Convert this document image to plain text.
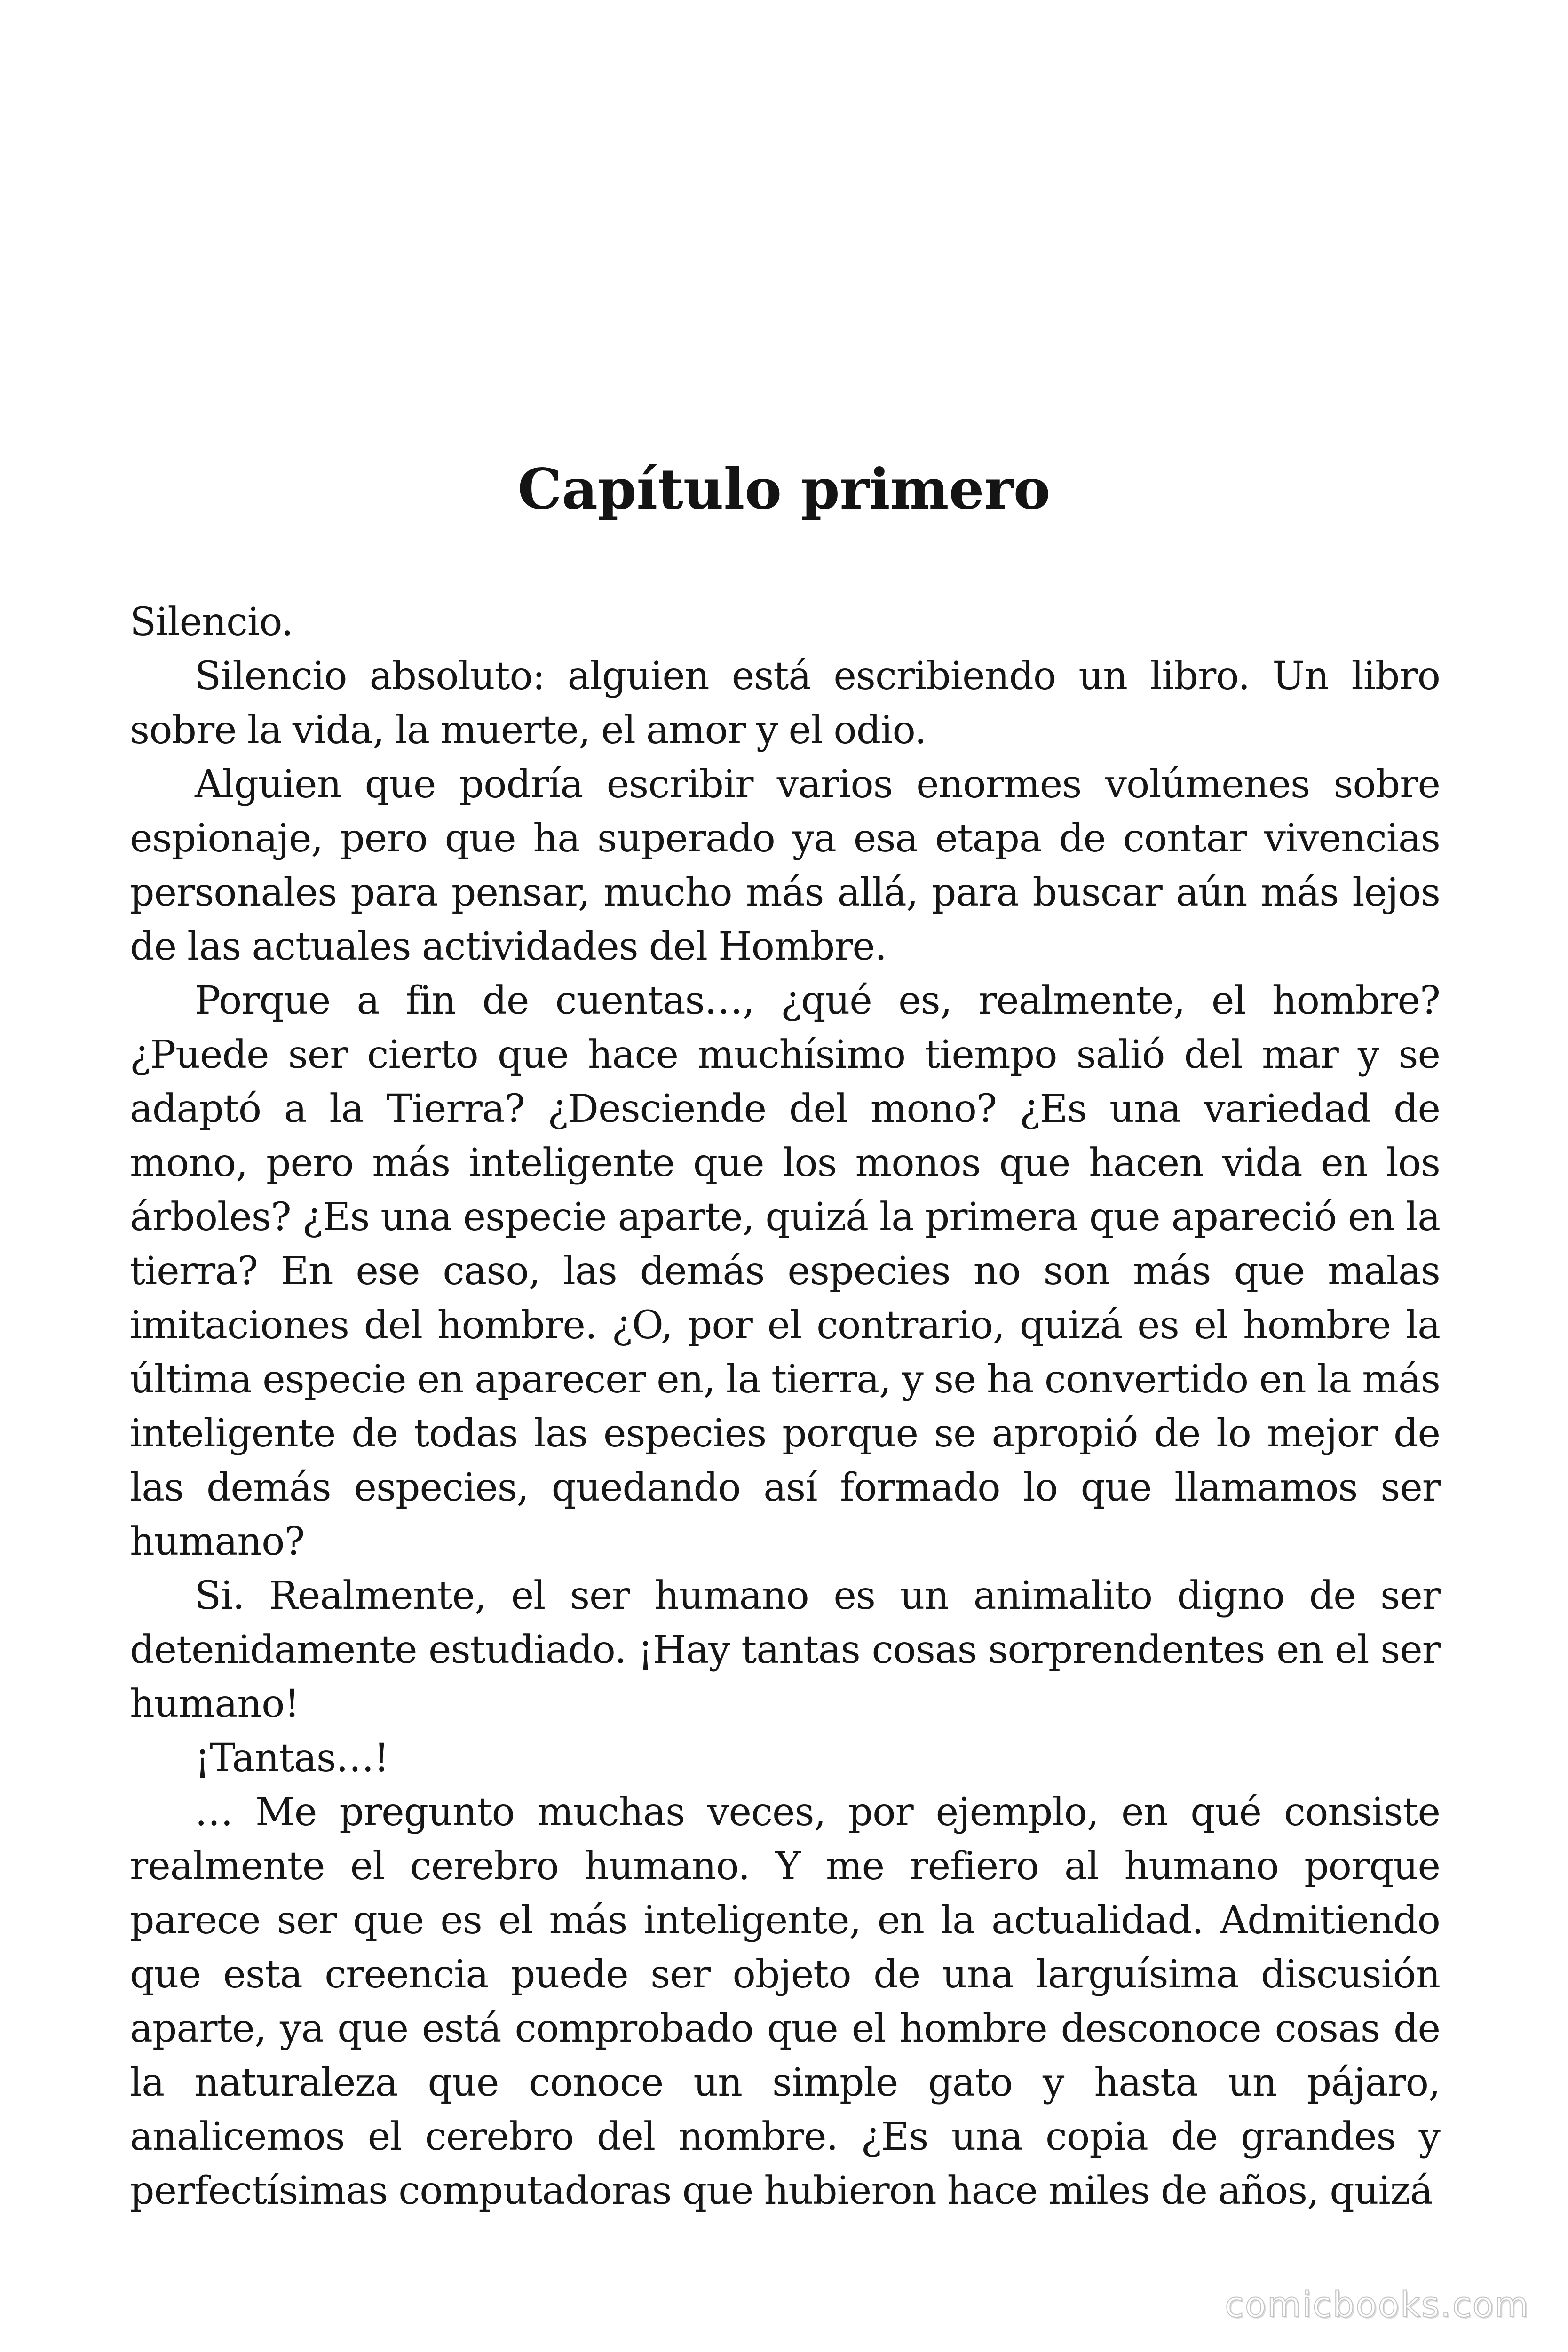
Capítulo primero

Silencio.

Silencio absoluto: alguien está escribiendo un libro. Un libro sobre la vida, la muerte, el amor y el odio.

Alguien que podría escribir varios enormes volúmenes sobre espionaje, pero que ha superado ya esa etapa de contar vivencias personales para pensar, mucho más allá, para buscar aún más lejos de las actuales actividades del Hombre.

Porque a fin de cuentas…, ¿qué es, realmente, el hombre? ¿Puede ser cierto que hace muchísimo tiempo salió del mar y se adaptó a la Tierra? ¿Desciende del mono? ¿Es una variedad de mono, pero más inteligente que los monos que hacen vida en los árboles? ¿Es una especie aparte, quizá la primera que apareció en la tierra? En ese caso, las demás especies no son más que malas imitaciones del hombre. ¿O, por el contrario, quizá es el hombre la última especie en aparecer en, la tierra, y se ha convertido en la más inteligente de todas las especies porque se apropió de lo mejor de las demás especies, quedando así formado lo que llamamos ser humano?

Si. Realmente, el ser humano es un animalito digno de ser detenidamente estudiado. ¡Hay tantas cosas sorprendentes en el ser humano!

¡Tantas…!

… Me pregunto muchas veces, por ejemplo, en qué consiste realmente el cerebro humano. Y me refiero al humano porque parece ser que es el más inteligente, en la actualidad. Admitiendo que esta creencia puede ser objeto de una larguísima discusión aparte, ya que está comprobado que el hombre desconoce cosas de la naturaleza que conoce un simple gato y hasta un pájaro, analicemos el cerebro del nombre. ¿Es una copia de grandes y perfectísimas computadoras que hubieron hace miles de años, quizá

comicbooks.com
